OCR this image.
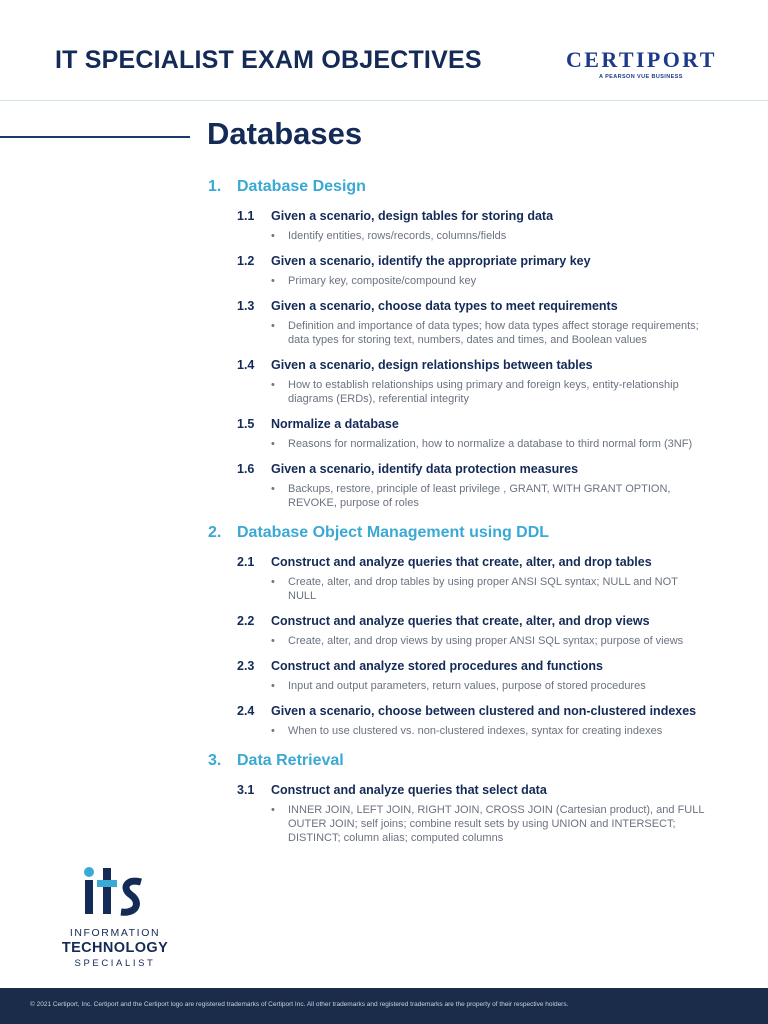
IT SPECIALIST EXAM OBJECTIVES	CERTIPORT
A PEARSON VUE BUSINESS
Databases
1. Database Design
1.1	Given a scenario, design tables for storing data
•	Identify entities, rows/records, columns/fields
1.2	Given a scenario, identify the appropriate primary key
•	Primary key, composite/compound key
1.3	Given a scenario, choose data types to meet requirements
•	Definition and importance of data types; how data types affect storage requirements; data types for storing text, numbers, dates and times, and Boolean values
1.4	Given a scenario, design relationships between tables
•	How to establish relationships using primary and foreign keys, entity-relationship diagrams (ERDs), referential integrity
1.5	Normalize a database
•	Reasons for normalization, how to normalize a database to third normal form (3NF)
1.6	Given a scenario, identify data protection measures
•	Backups, restore, principle of least privilege , GRANT, WITH GRANT OPTION, REVOKE, purpose of roles
2. Database Object Management using DDL
2.1	Construct and analyze queries that create, alter, and drop tables
•	Create, alter, and drop tables by using proper ANSI SQL syntax; NULL and NOT NULL
2.2	Construct and analyze queries that create, alter, and drop views
•	Create, alter, and drop views by using proper ANSI SQL syntax; purpose of views
2.3	Construct and analyze stored procedures and functions
•	Input and output parameters, return values, purpose of stored procedures
2.4	Given a scenario, choose between clustered and non-clustered indexes
•	When to use clustered vs. non-clustered indexes, syntax for creating indexes
3. Data Retrieval
3.1	Construct and analyze queries that select data
•	INNER JOIN, LEFT JOIN, RIGHT JOIN, CROSS JOIN (Cartesian product), and FULL OUTER JOIN; self joins; combine result sets by using UNION and INTERSECT; DISTINCT; column alias; computed columns
INFORMATION
TECHNOLOGY
SPECIALIST
© 2021 Certiport, Inc. Certiport and the Certiport logo are registered trademarks of Certiport Inc. All other trademarks and registered trademarks are the property of their respective holders.
